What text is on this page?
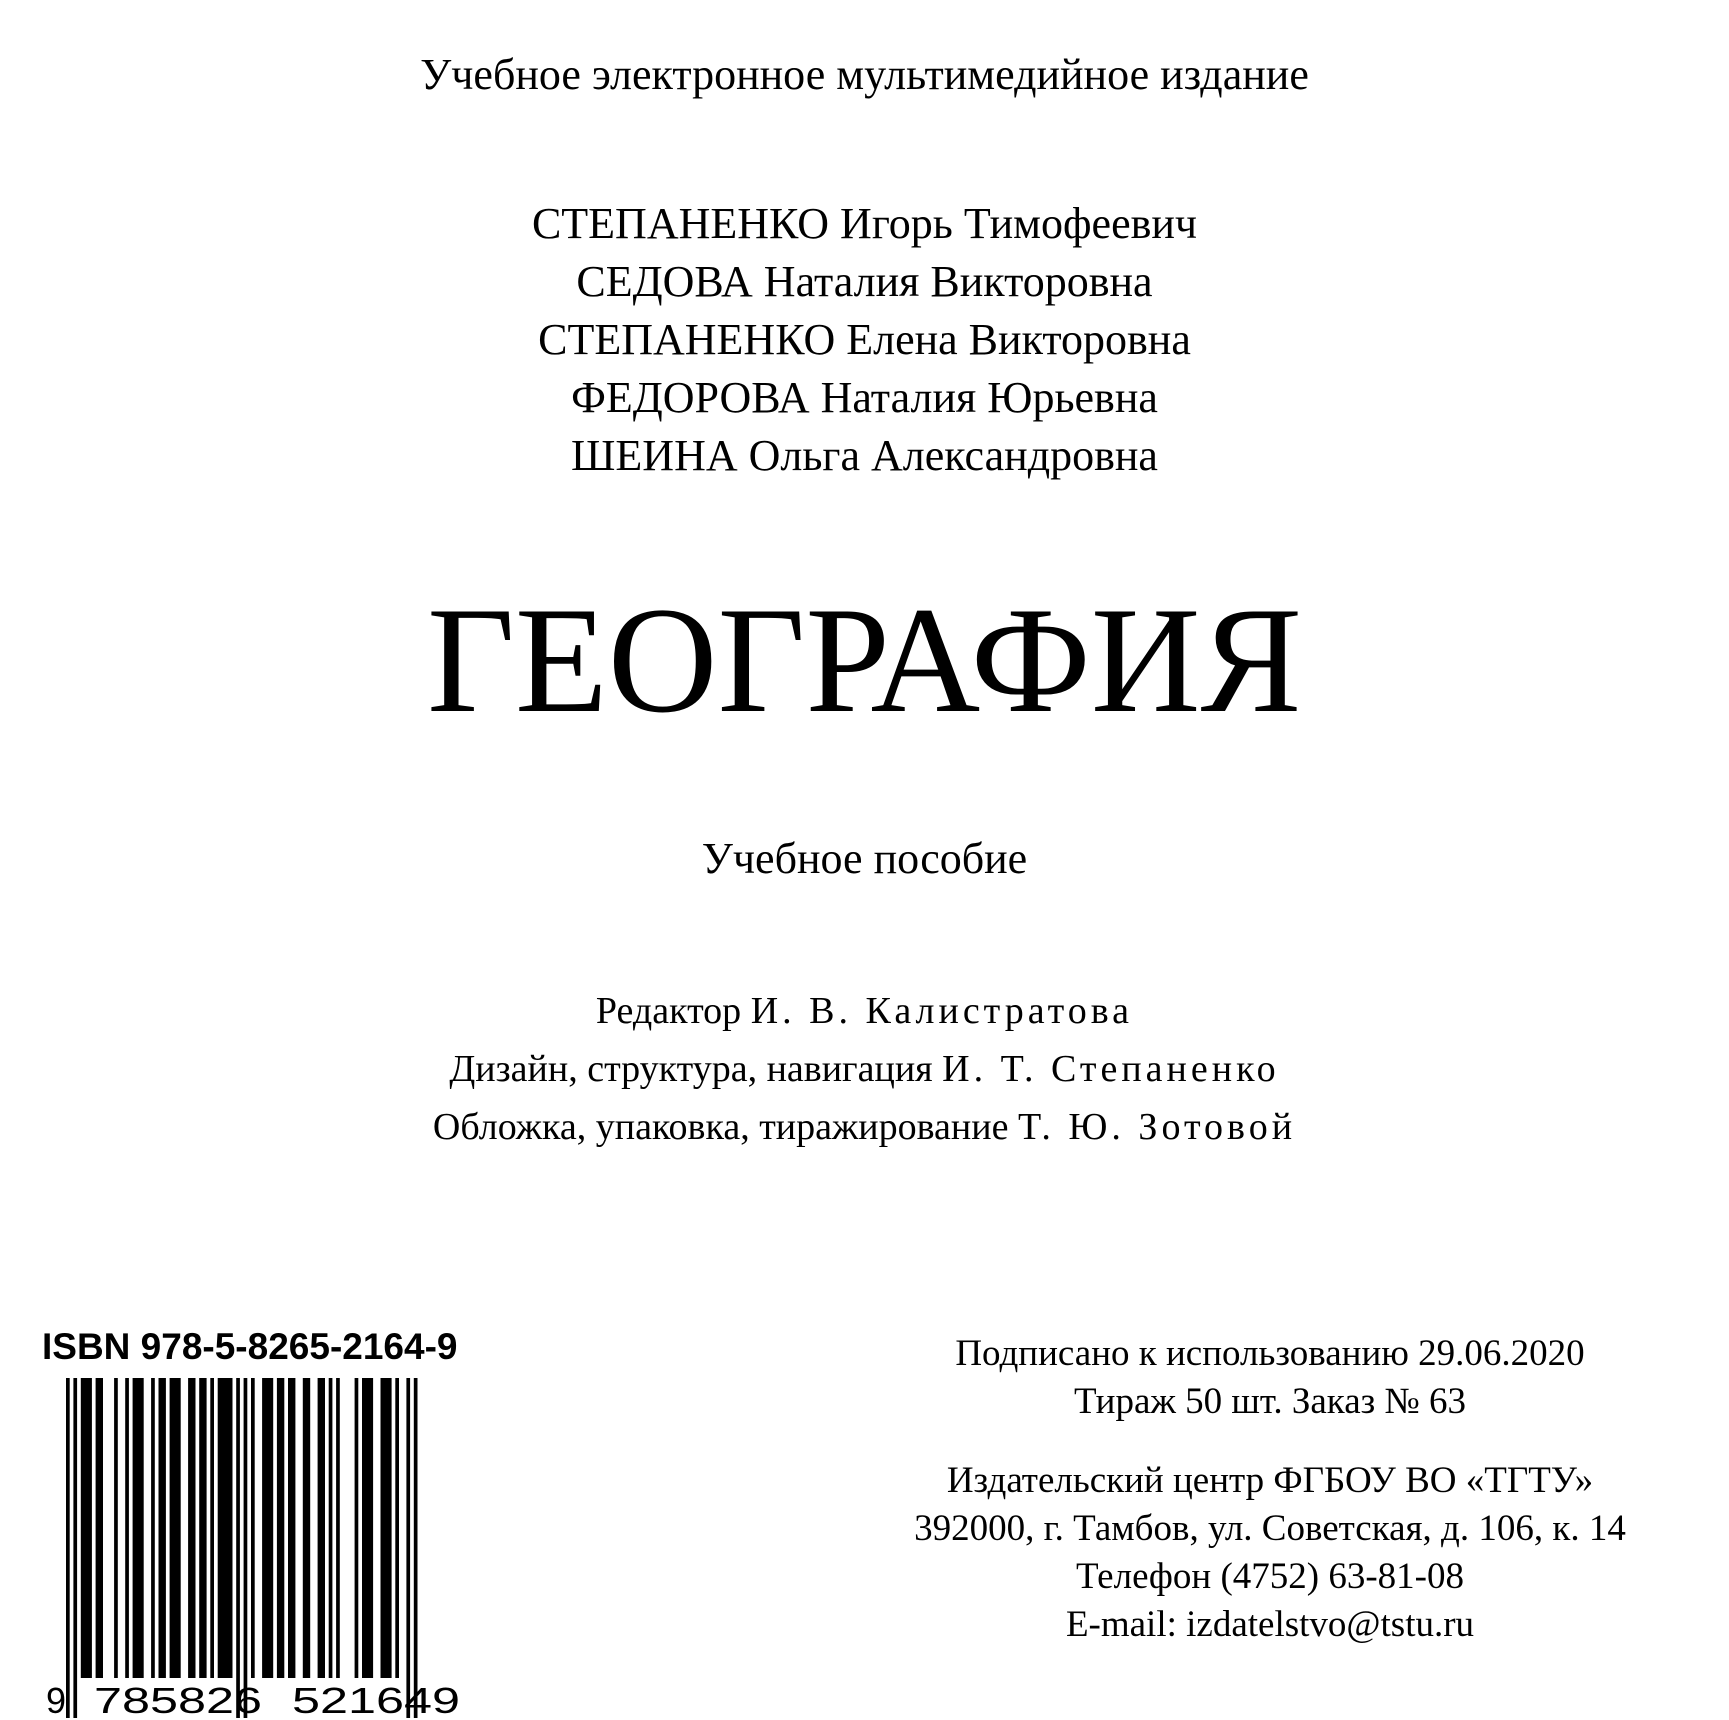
Учебное электронное мультимедийное издание
СТЕПАНЕНКО Игорь Тимофеевич
СЕДОВА Наталия Викторовна
СТЕПАНЕНКО Елена Викторовна
ФЕДОРОВА Наталия Юрьевна
ШЕИНА Ольга Александровна
ГЕОГРАФИЯ
Учебное пособие
Редактор И. В. Калистратова
Дизайн, структура, навигация И. Т. Степаненко
Обложка, упаковка, тиражирование Т. Ю. Зотовой
ISBN 978-5-8265-2164-9
9 785826 521649
Подписано к использованию 29.06.2020
Тираж 50 шт. Заказ № 63
Издательский центр ФГБОУ ВО «ТГТУ»
392000, г. Тамбов, ул. Советская, д. 106, к. 14
Телефон (4752) 63-81-08
E-mail: izdatelstvo@tstu.ru
